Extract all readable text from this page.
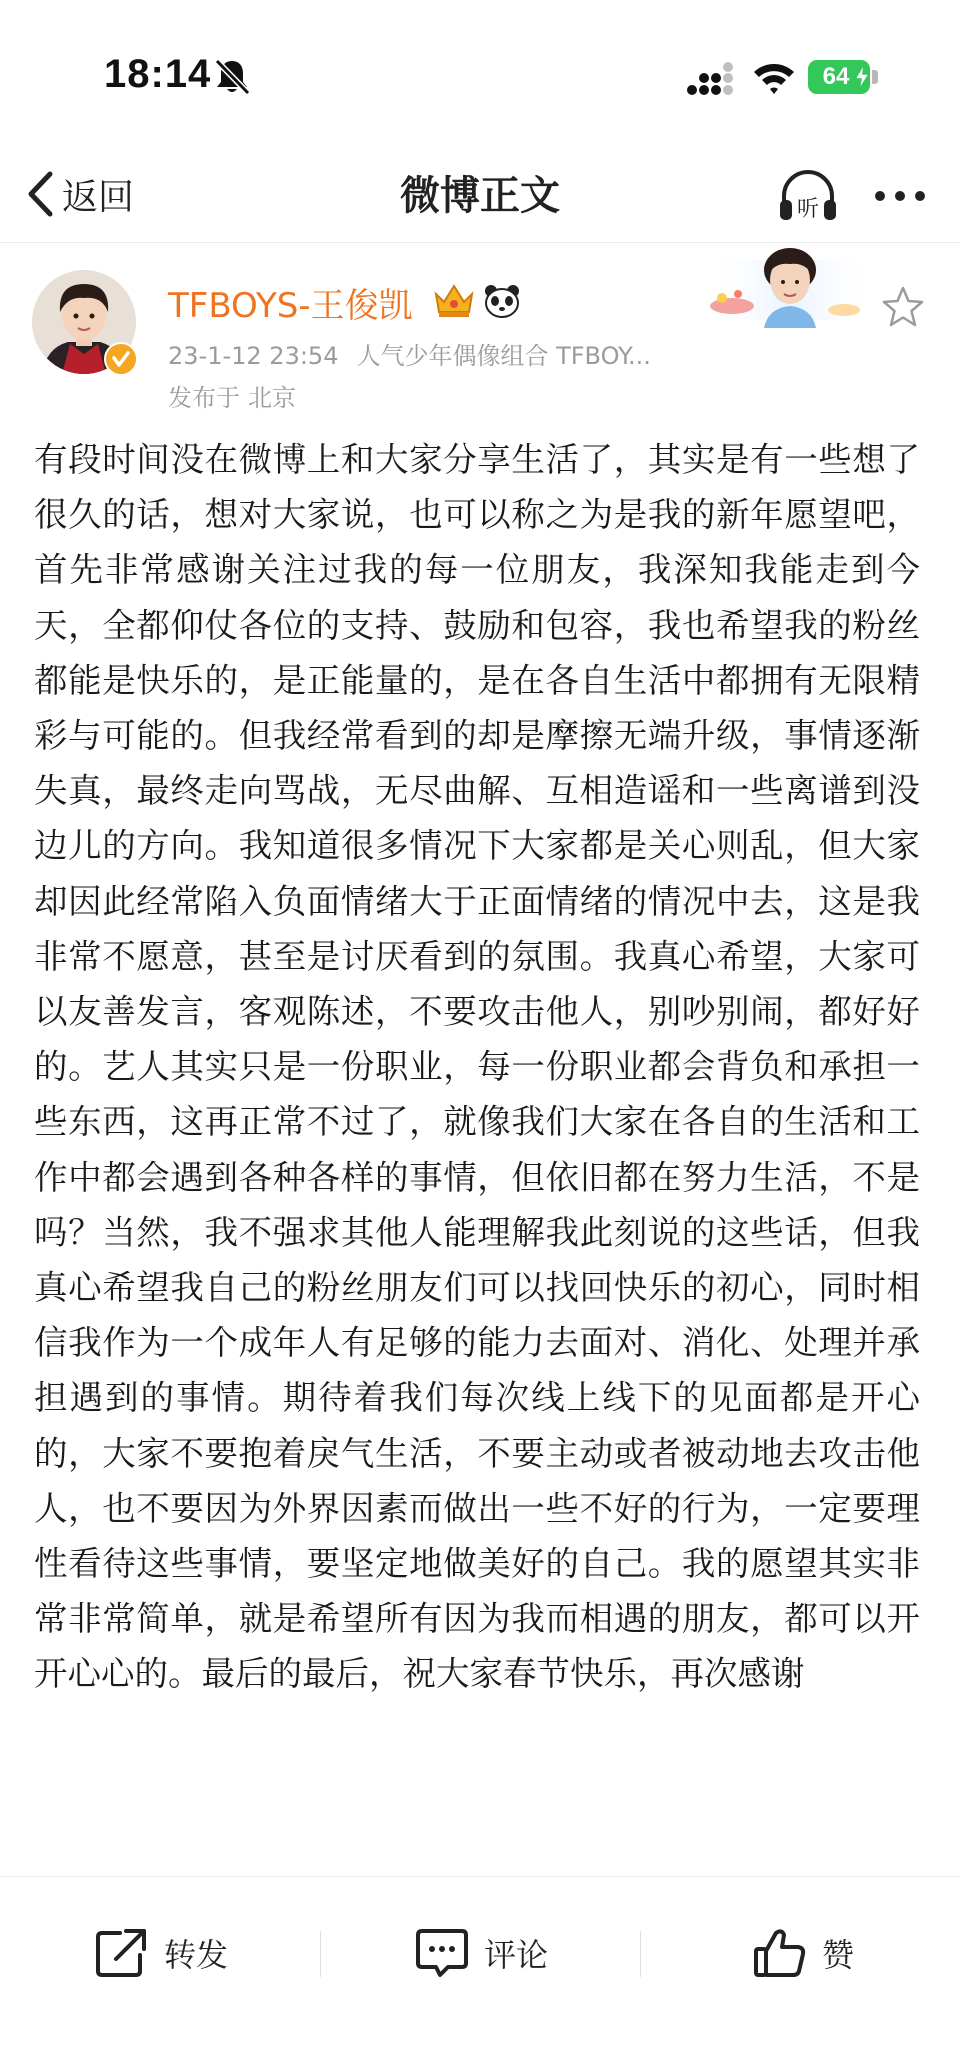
18:14	64
返回	微博正文	听
TFBOYS-王俊凯
23-1-12 23:54 人气少年偶像组合 TFBOY...
发布于 北京
有段时间没在微博上和大家分享生活了，其实是有一些想了很久的话，想对大家说，也可以称之为是我的新年愿望吧，首先非常感谢关注过我的每一位朋友，我深知我能走到今天，全都仰仗各位的支持、鼓励和包容，我也希望我的粉丝都能是快乐的，是正能量的，是在各自生活中都拥有无限精彩与可能的。但我经常看到的却是摩擦无端升级，事情逐渐失真，最终走向骂战，无尽曲解、互相造谣和一些离谱到没边儿的方向。我知道很多情况下大家都是关心则乱，但大家却因此经常陷入负面情绪大于正面情绪的情况中去，这是我非常不愿意，甚至是讨厌看到的氛围。我真心希望，大家可以友善发言，客观陈述，不要攻击他人，别吵别闹，都好好的。艺人其实只是一份职业，每一份职业都会背负和承担一些东西，这再正常不过了，就像我们大家在各自的生活和工作中都会遇到各种各样的事情，但依旧都在努力生活，不是吗？当然，我不强求其他人能理解我此刻说的这些话，但我真心希望我自己的粉丝朋友们可以找回快乐的初心，同时相信我作为一个成年人有足够的能力去面对、消化、处理并承担遇到的事情。期待着我们每次线上线下的见面都是开心的，大家不要抱着戾气生活，不要主动或者被动地去攻击他人，也不要因为外界因素而做出一些不好的行为，一定要理性看待这些事情，要坚定地做美好的自己。我的愿望其实非常非常简单，就是希望所有因为我而相遇的朋友，都可以开开心心的。最后的最后，祝大家春节快乐，再次感谢
转发	评论	赞
